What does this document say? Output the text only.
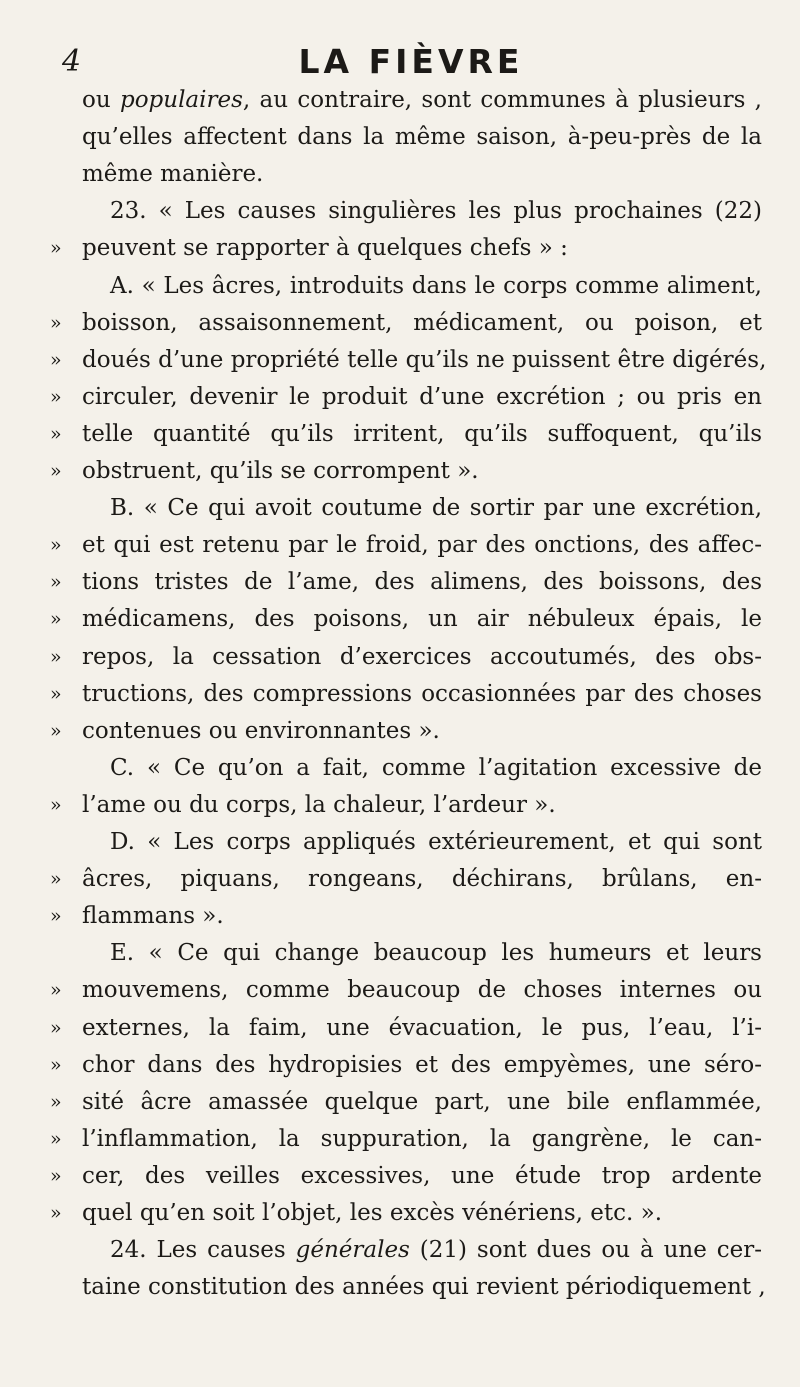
4	LA FIÈVRE
ou populaires, au contraire, sont communes à plusieurs ,
qu’elles affectent dans la même saison, à-peu-près de la
même manière.
23. « Les causes singulières les plus prochaines (22)
» peuvent se rapporter à quelques chefs » :
A. « Les âcres, introduits dans le corps comme aliment,
» boisson, assaisonnement, médicament, ou poison, et
» doués d’une propriété telle qu’ils ne puissent être digérés,
» circuler, devenir le produit d’une excrétion ; ou pris en
» telle quantité qu’ils irritent, qu’ils suffoquent, qu’ils
» obstruent, qu’ils se corrompent ».
B. « Ce qui avoit coutume de sortir par une excrétion,
» et qui est retenu par le froid, par des onctions, des affec-
» tions tristes de l’ame, des alimens, des boissons, des
» médicamens, des poisons, un air nébuleux épais, le
» repos, la cessation d’exercices accoutumés, des obs-
» tructions, des compressions occasionnées par des choses
» contenues ou environnantes ».
C. « Ce qu’on a fait, comme l’agitation excessive de
» l’ame ou du corps, la chaleur, l’ardeur ».
D. « Les corps appliqués extérieurement, et qui sont
» âcres, piquans, rongeans, déchirans, brûlans, en-
» flammans ».
E. « Ce qui change beaucoup les humeurs et leurs
» mouvemens, comme beaucoup de choses internes ou
» externes, la faim, une évacuation, le pus, l’eau, l’i-
» chor dans des hydropisies et des empyèmes, une séro-
» sité âcre amassée quelque part, une bile enflammée,
» l’inflammation, la suppuration, la gangrène, le can-
» cer, des veilles excessives, une étude trop ardente
» quel qu’en soit l’objet, les excès vénériens, etc. ».
24. Les causes générales (21) sont dues ou à une cer-
taine constitution des années qui revient périodiquement ,
